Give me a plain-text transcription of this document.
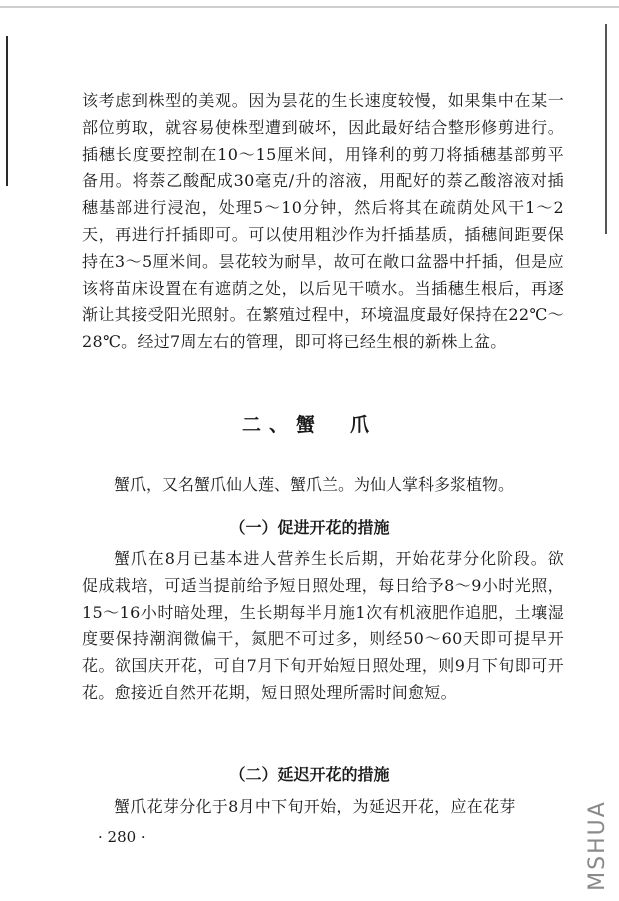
该考虑到株型的美观。因为昙花的生长速度较慢，如果集中在某一部位剪取，就容易使株型遭到破坏，因此最好结合整形修剪进行。插穗长度要控制在10～15厘米间，用锋利的剪刀将插穗基部剪平备用。将萘乙酸配成30毫克/升的溶液，用配好的萘乙酸溶液对插穗基部进行浸泡，处理5～10分钟，然后将其在疏荫处风干1～2天，再进行扦插即可。可以使用粗沙作为扦插基质，插穗间距要保持在3～5厘米间。昙花较为耐旱，故可在敞口盆器中扦插，但是应该将苗床设置在有遮荫之处，以后见干喷水。当插穗生根后，再逐渐让其接受阳光照射。在繁殖过程中，环境温度最好保持在22℃～28℃。经过7周左右的管理，即可将已经生根的新株上盆。

二、蟹　爪
蟹爪，又名蟹爪仙人莲、蟹爪兰。为仙人掌科多浆植物。
（一）促进开花的措施

蟹爪在8月已基本进人营养生长后期，开始花芽分化阶段。欲促成栽培，可适当提前给予短日照处理，每日给予8～9小时光照，15～16小时暗处理，生长期每半月施1次有机液肥作追肥，土壤湿度要保持潮润微偏干，氮肥不可过多，则经50～60天即可提早开花。欲国庆开花，可自7月下旬开始短日照处理，则9月下旬即可开花。愈接近自然开花期，短日照处理所需时间愈短。

（二）延迟开花的措施

蟹爪花芽分化于8月中下旬开始，为延迟开花，应在花芽

· 280 ·	MSHUA
